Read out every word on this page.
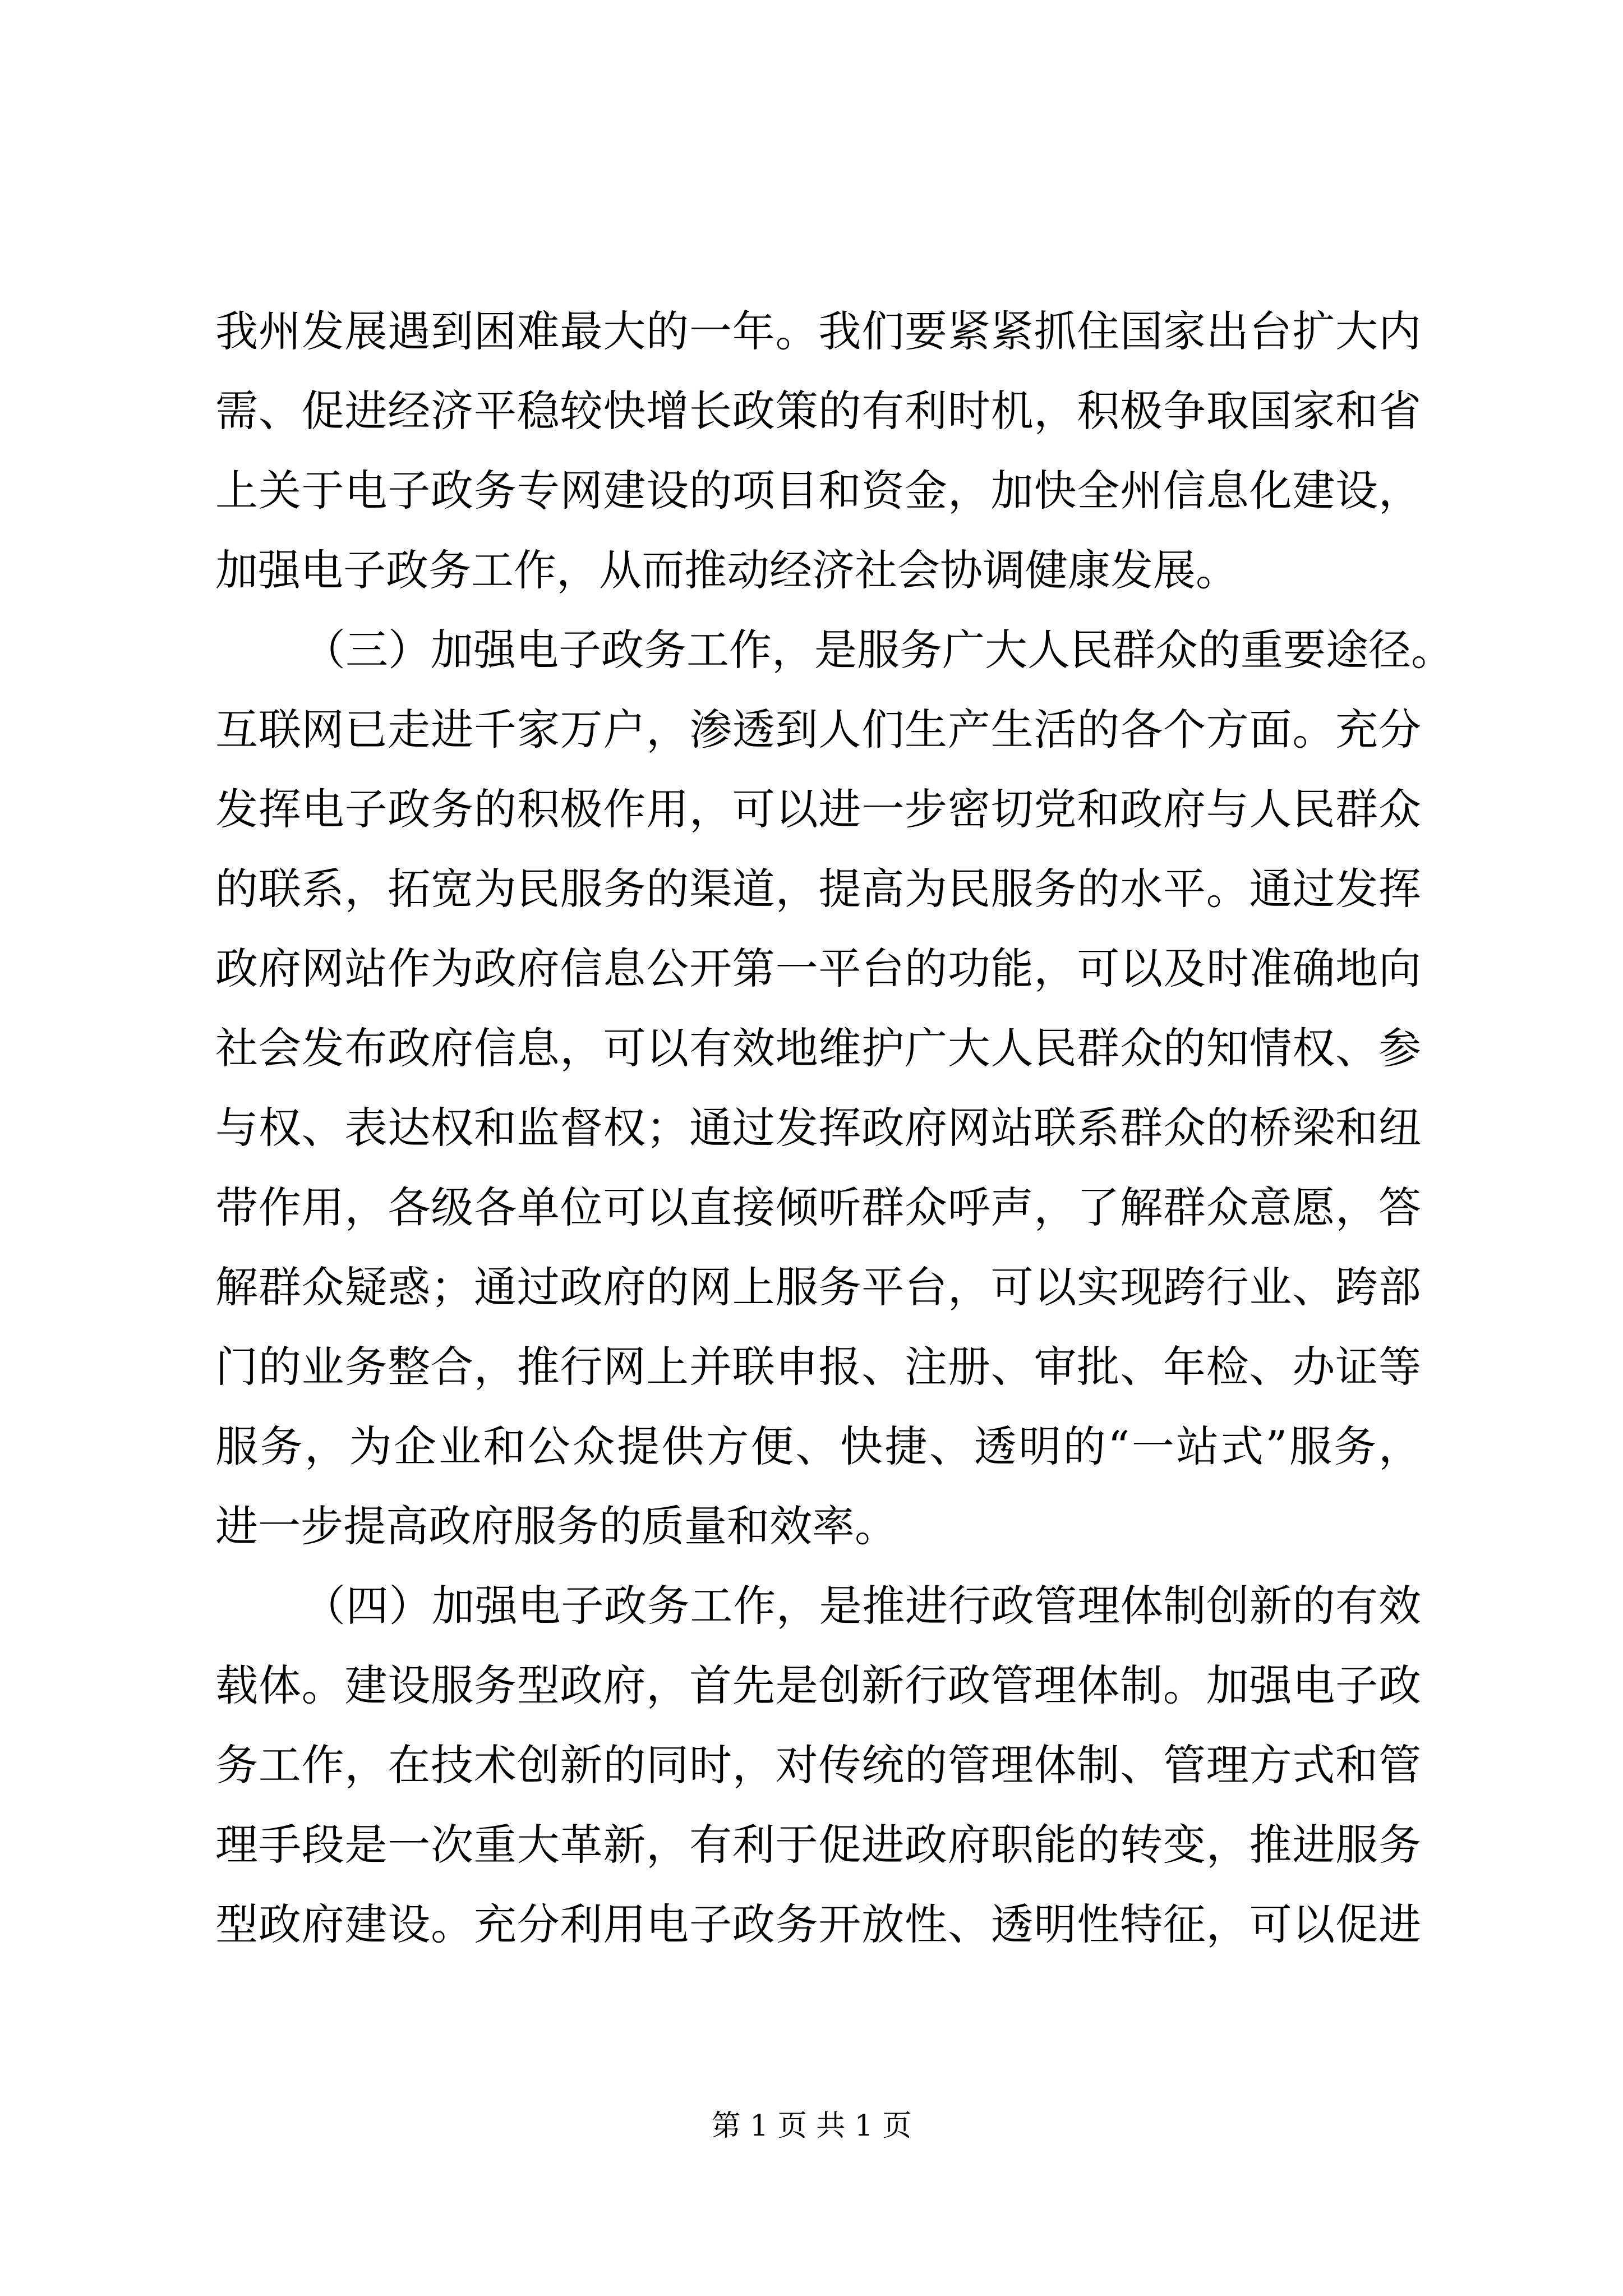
我州发展遇到困难最大的一年。我们要紧紧抓住国家出台扩大内
需、促进经济平稳较快增长政策的有利时机，积极争取国家和省
上关于电子政务专网建设的项目和资金，加快全州信息化建设，
加强电子政务工作，从而推动经济社会协调健康发展。
（三）加强电子政务工作，是服务广大人民群众的重要途径。
互联网已走进千家万户，渗透到人们生产生活的各个方面。充分
发挥电子政务的积极作用，可以进一步密切党和政府与人民群众
的联系，拓宽为民服务的渠道，提高为民服务的水平。通过发挥
政府网站作为政府信息公开第一平台的功能，可以及时准确地向
社会发布政府信息，可以有效地维护广大人民群众的知情权、参
与权、表达权和监督权；通过发挥政府网站联系群众的桥梁和纽
带作用，各级各单位可以直接倾听群众呼声，了解群众意愿，答
解群众疑惑；通过政府的网上服务平台，可以实现跨行业、跨部
门的业务整合，推行网上并联申报、注册、审批、年检、办证等
服务，为企业和公众提供方便、快捷、透明的“一站式”服务，
进一步提高政府服务的质量和效率。
（四）加强电子政务工作，是推进行政管理体制创新的有效
载体。建设服务型政府，首先是创新行政管理体制。加强电子政
务工作，在技术创新的同时，对传统的管理体制、管理方式和管
理手段是一次重大革新，有利于促进政府职能的转变，推进服务
型政府建设。充分利用电子政务开放性、透明性特征，可以促进
第 1 页 共 1 页
